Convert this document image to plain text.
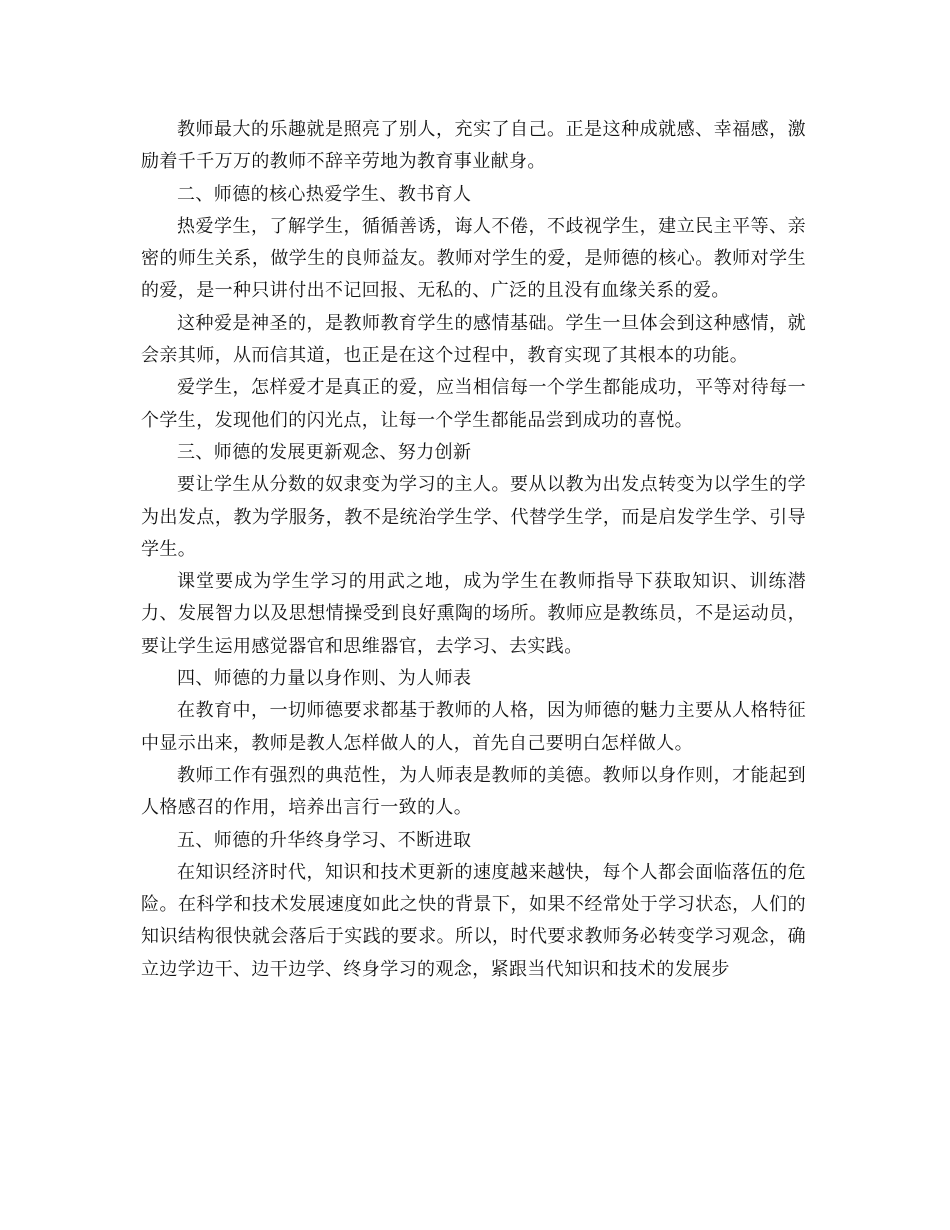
教师最大的乐趣就是照亮了别人，充实了自己。正是这种成就感、幸福感，激励着千千万万的教师不辞辛劳地为教育事业献身。

二、师德的核心热爱学生、教书育人

热爱学生，了解学生，循循善诱，诲人不倦，不歧视学生，建立民主平等、亲密的师生关系，做学生的良师益友。教师对学生的爱，是师德的核心。教师对学生的爱，是一种只讲付出不记回报、无私的、广泛的且没有血缘关系的爱。

这种爱是神圣的，是教师教育学生的感情基础。学生一旦体会到这种感情，就会亲其师，从而信其道，也正是在这个过程中，教育实现了其根本的功能。

爱学生，怎样爱才是真正的爱，应当相信每一个学生都能成功，平等对待每一个学生，发现他们的闪光点，让每一个学生都能品尝到成功的喜悦。

三、师德的发展更新观念、努力创新

要让学生从分数的奴隶变为学习的主人。要从以教为出发点转变为以学生的学为出发点，教为学服务，教不是统治学生学、代替学生学，而是启发学生学、引导学生。

课堂要成为学生学习的用武之地，成为学生在教师指导下获取知识、训练潜力、发展智力以及思想情操受到良好熏陶的场所。教师应是教练员，不是运动员，要让学生运用感觉器官和思维器官，去学习、去实践。

四、师德的力量以身作则、为人师表

在教育中，一切师德要求都基于教师的人格，因为师德的魅力主要从人格特征中显示出来，教师是教人怎样做人的人，首先自己要明白怎样做人。

教师工作有强烈的典范性，为人师表是教师的美德。教师以身作则，才能起到人格感召的作用，培养出言行一致的人。

五、师德的升华终身学习、不断进取

在知识经济时代，知识和技术更新的速度越来越快，每个人都会面临落伍的危险。在科学和技术发展速度如此之快的背景下，如果不经常处于学习状态，人们的知识结构很快就会落后于实践的要求。所以，时代要求教师务必转变学习观念，确立边学边干、边干边学、终身学习的观念，紧跟当代知识和技术的发展步
